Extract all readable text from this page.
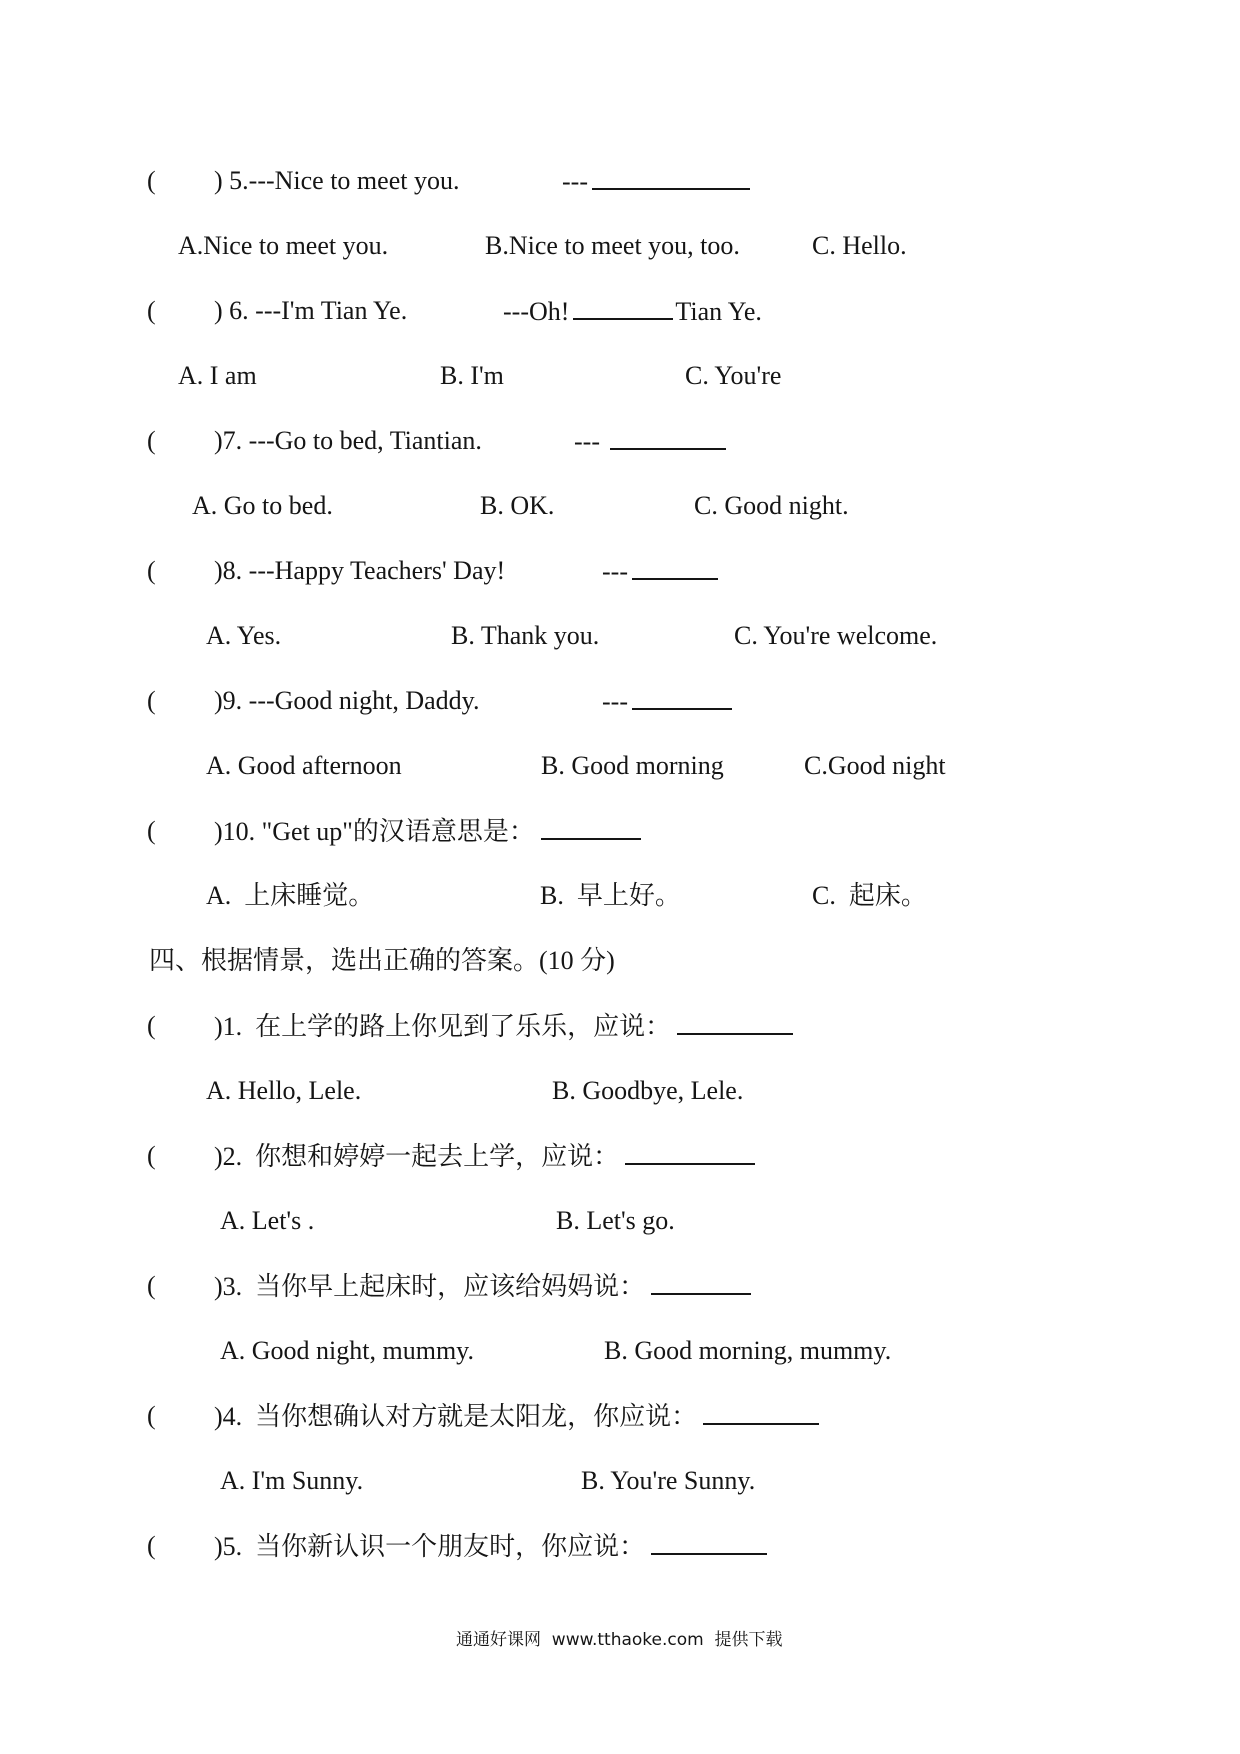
( ) 5.---Nice to meet you.	---
A.Nice to meet you.	B.Nice to meet you, too.	C. Hello.
( ) 6. ---I'm Tian Ye.	---Oh!	Tian Ye.
A. I am	B. I'm	C. You're
( )7. ---Go to bed, Tiantian.	---
A. Go to bed.	B. OK.	C. Good night.
( )8. ---Happy Teachers' Day!	---
A. Yes.	B. Thank you.	C. You're welcome.
( )9. ---Good night, Daddy.	---
A. Good afternoon	B. Good morning	C.Good night
( )10. "Get up"的汉语意思是：
A.  上床睡觉。	B.  早上好。	C.  起床。
四、根据情景，选出正确的答案。(10 分)
( )1.  在上学的路上你见到了乐乐，应说：
A. Hello, Lele.	B. Goodbye, Lele.
( )2.  你想和婷婷一起去上学，应说：
A. Let's .	B. Let's go.
( )3.  当你早上起床时，应该给妈妈说：
A. Good night, mummy.	B. Good morning, mummy.
( )4.  当你想确认对方就是太阳龙，你应说：
A. I'm Sunny.	B. You're Sunny.
( )5.  当你新认识一个朋友时，你应说：
通通好课网  www.tthaoke.com  提供下载
